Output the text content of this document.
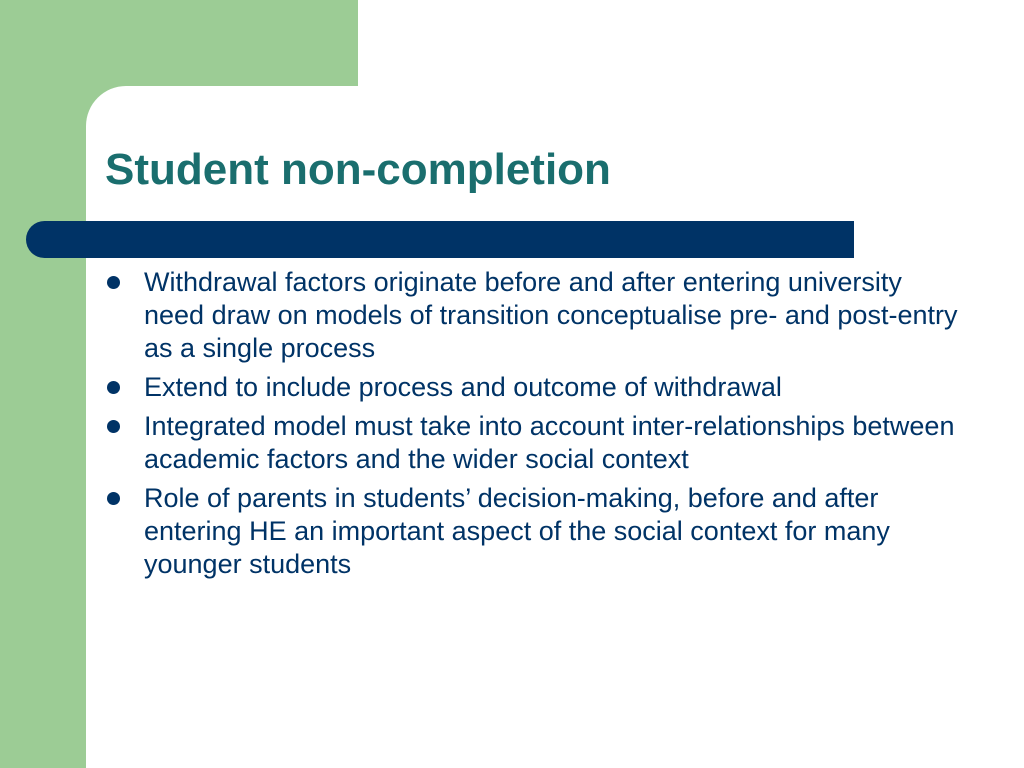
Student non-completion
Withdrawal factors originate before and after entering university need draw on models of transition conceptualise pre- and post-entry as a single process
Extend to include process and outcome of withdrawal
Integrated model must take into account inter-relationships between academic factors and the wider social context
Role of parents in students’ decision-making, before and after entering HE an important aspect of the social context for many younger students
